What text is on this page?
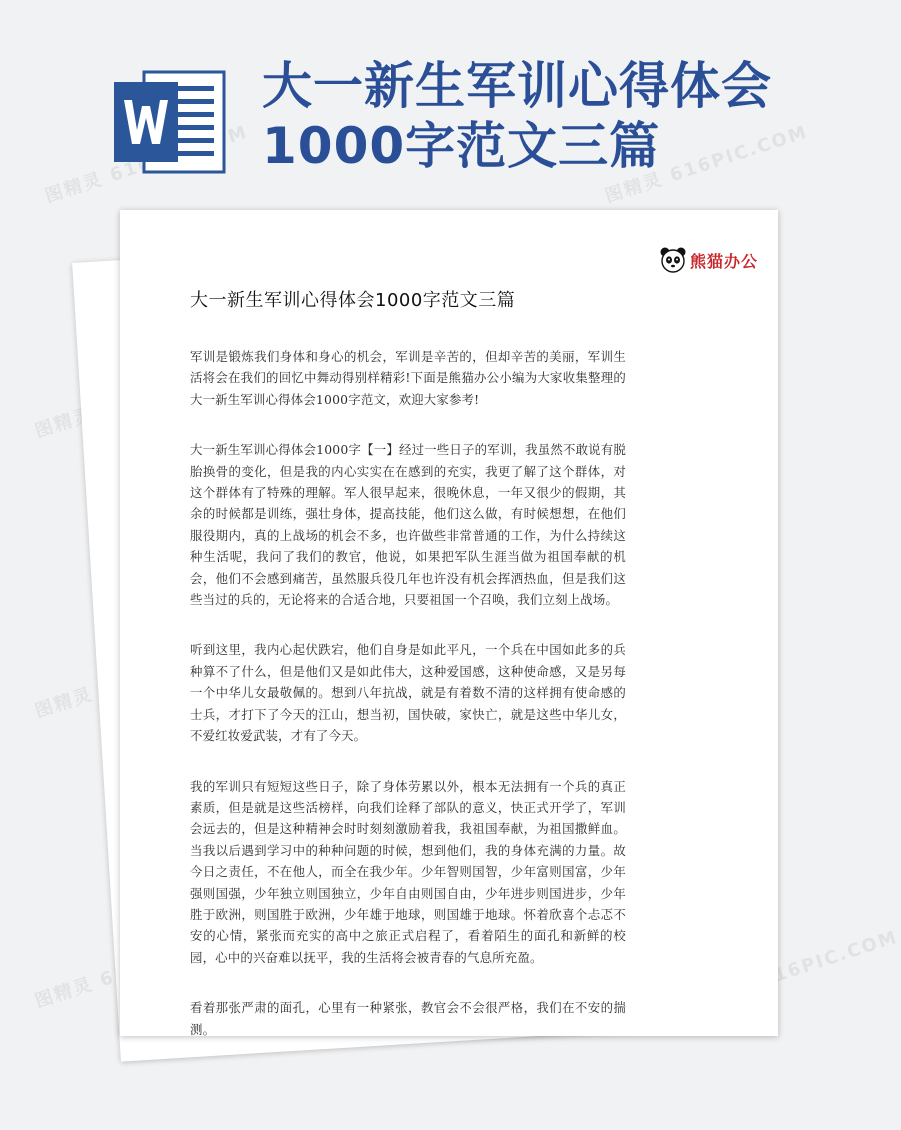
图精灵	图精灵 616PIC.COM
图精灵
图精灵
图精灵	图精灵 616PIC.COM
大一新生军训心得体会
1000字范文三篇
熊猫办公
大一新生军训心得体会1000字范文三篇

军训是锻炼我们身体和身心的机会，军训是辛苦的，但却辛苦的美丽，军训生活将会在我们的回忆中舞动得别样精彩!下面是熊猫办公小编为大家收集整理的大一新生军训心得体会1000字范文，欢迎大家参考!

大一新生军训心得体会1000字【一】经过一些日子的军训，我虽然不敢说有脱胎换骨的变化，但是我的内心实实在在感到的充实，我更了解了这个群体，对这个群体有了特殊的理解。军人很早起来，很晚休息，一年又很少的假期，其余的时候都是训练，强壮身体，提高技能，他们这么做，有时候想想，在他们服役期内，真的上战场的机会不多，也许做些非常普通的工作，为什么持续这种生活呢，我问了我们的教官，他说，如果把军队生涯当做为祖国奉献的机会，他们不会感到痛苦，虽然服兵役几年也许没有机会挥洒热血，但是我们这些当过的兵的，无论将来的合适合地，只要祖国一个召唤，我们立刻上战场。

听到这里，我内心起伏跌宕，他们自身是如此平凡，一个兵在中国如此多的兵种算不了什么，但是他们又是如此伟大，这种爱国感，这种使命感，又是另每一个中华儿女最敬佩的。想到八年抗战，就是有着数不清的这样拥有使命感的士兵，才打下了今天的江山，想当初，国快破，家快亡，就是这些中华儿女，不爱红妆爱武装，才有了今天。

我的军训只有短短这些日子，除了身体劳累以外，根本无法拥有一个兵的真正素质，但是就是这些活榜样，向我们诠释了部队的意义，快正式开学了，军训会远去的，但是这种精神会时时刻刻激励着我，我祖国奉献，为祖国撒鲜血。当我以后遇到学习中的种种问题的时候，想到他们，我的身体充满的力量。故今日之责任，不在他人，而全在我少年。少年智则国智，少年富则国富，少年强则国强，少年独立则国独立，少年自由则国自由，少年进步则国进步，少年胜于欧洲，则国胜于欧洲，少年雄于地球，则国雄于地球。怀着欣喜个忐忑不安的心情，紧张而充实的高中之旅正式启程了，看着陌生的面孔和新鲜的校园，心中的兴奋难以抚平，我的生活将会被青春的气息所充盈。

看着那张严肃的面孔，心里有一种紧张，教官会不会很严格，我们在不安的揣测。
